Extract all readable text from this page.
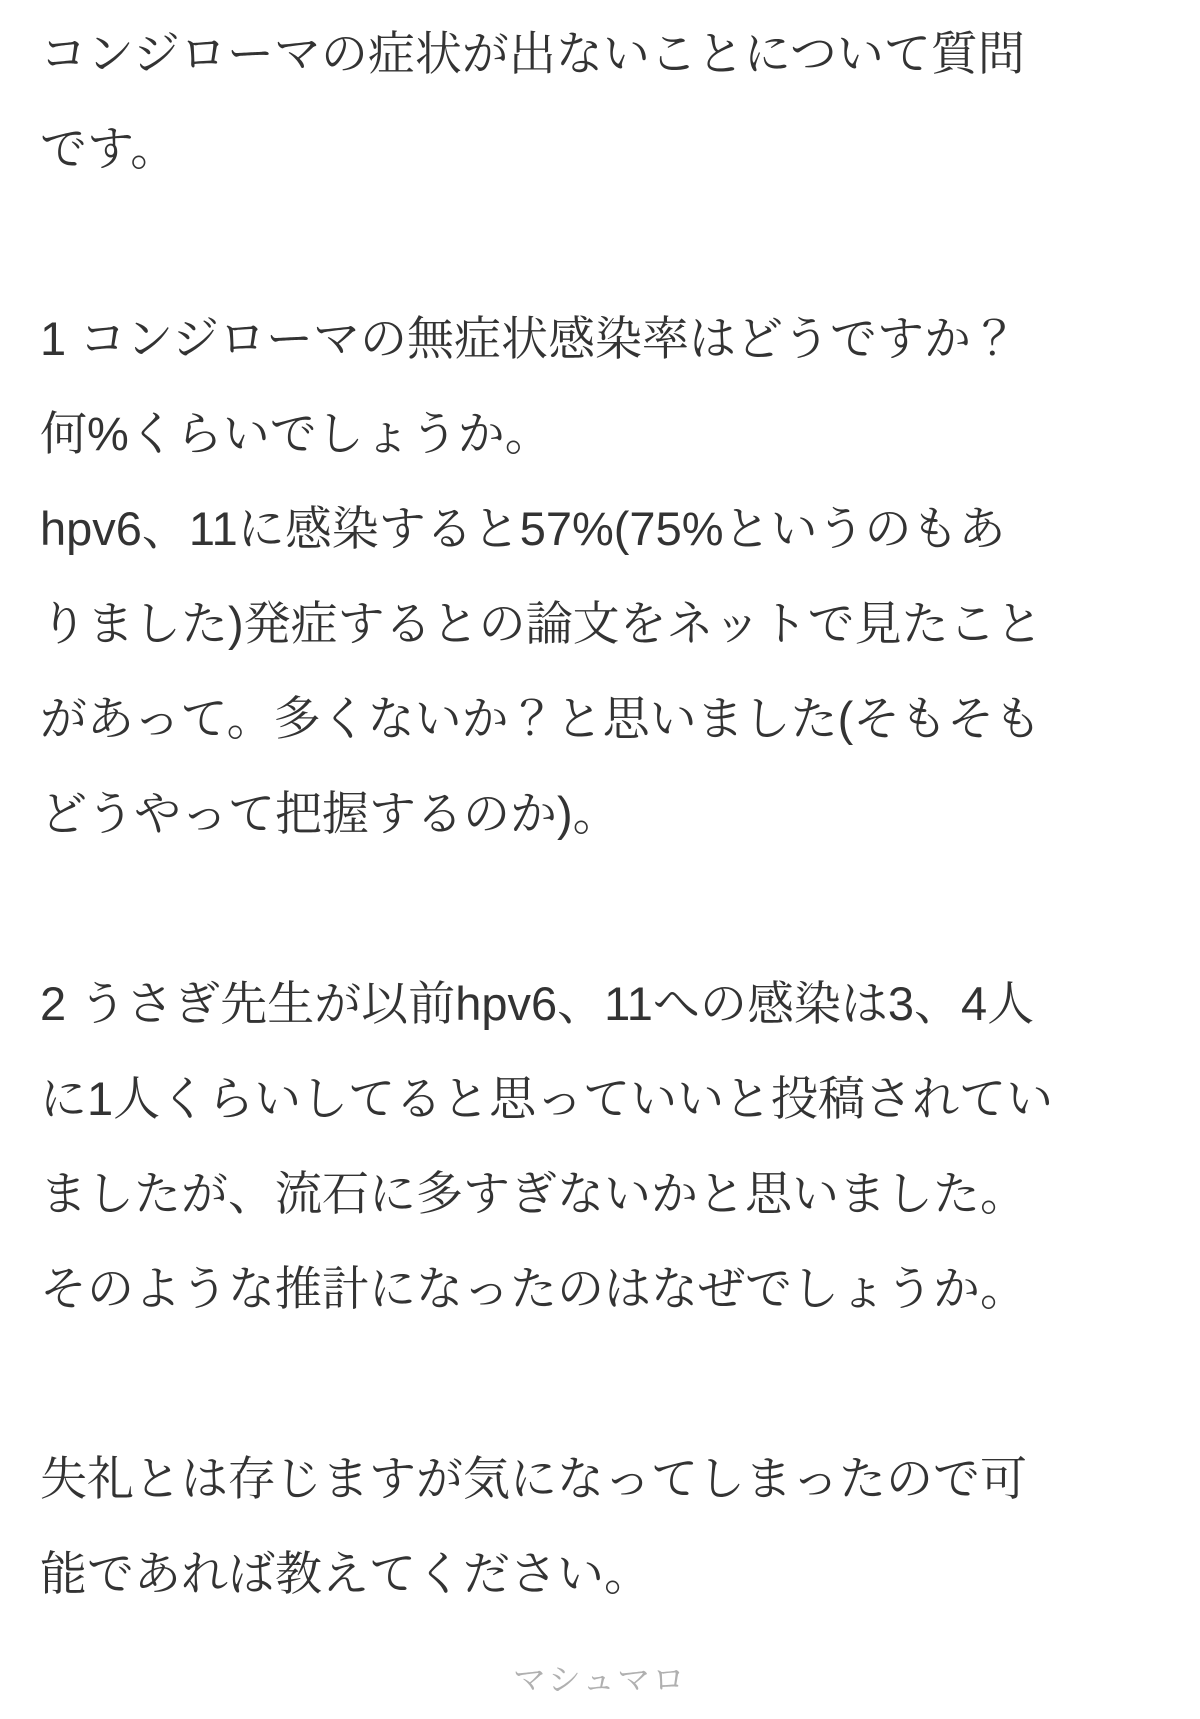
コンジローマの症状が出ないことについて質問
です。
1 コンジローマの無症状感染率はどうですか？
何%くらいでしょうか。
hpv6、11に感染すると57%(75%というのもあ
りました)発症するとの論文をネットで見たこと
があって。多くないか？と思いました(そもそも
どうやって把握するのか)。
2 うさぎ先生が以前hpv6、11への感染は3、4人
に1人くらいしてると思っていいと投稿されてい
ましたが、流石に多すぎないかと思いました。
そのような推計になったのはなぜでしょうか。
失礼とは存じますが気になってしまったので可
能であれば教えてください。
マシュマロ
